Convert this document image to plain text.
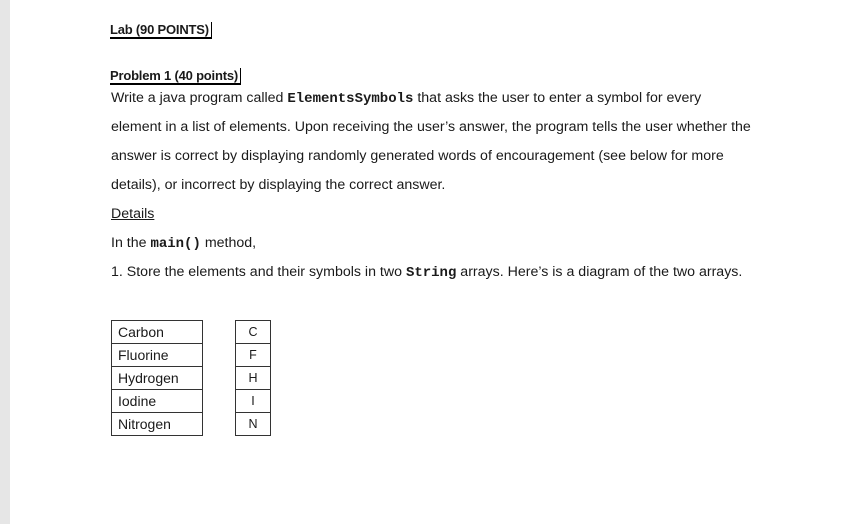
Lab (90 POINTS)
Problem 1 (40 points)
Write a java program called ElementsSymbols that asks the user to enter a symbol for every
element in a list of elements. Upon receiving the user’s answer, the program tells the user whether the
answer is correct by displaying randomly generated words of encouragement (see below for more
details), or incorrect by displaying the correct answer.
Details
In the main() method,
1. Store the elements and their symbols in two String arrays. Here’s is a diagram of the two arrays.
Carbon
Fluorine
Hydrogen
Iodine
Nitrogen
C
F
H
I
N
